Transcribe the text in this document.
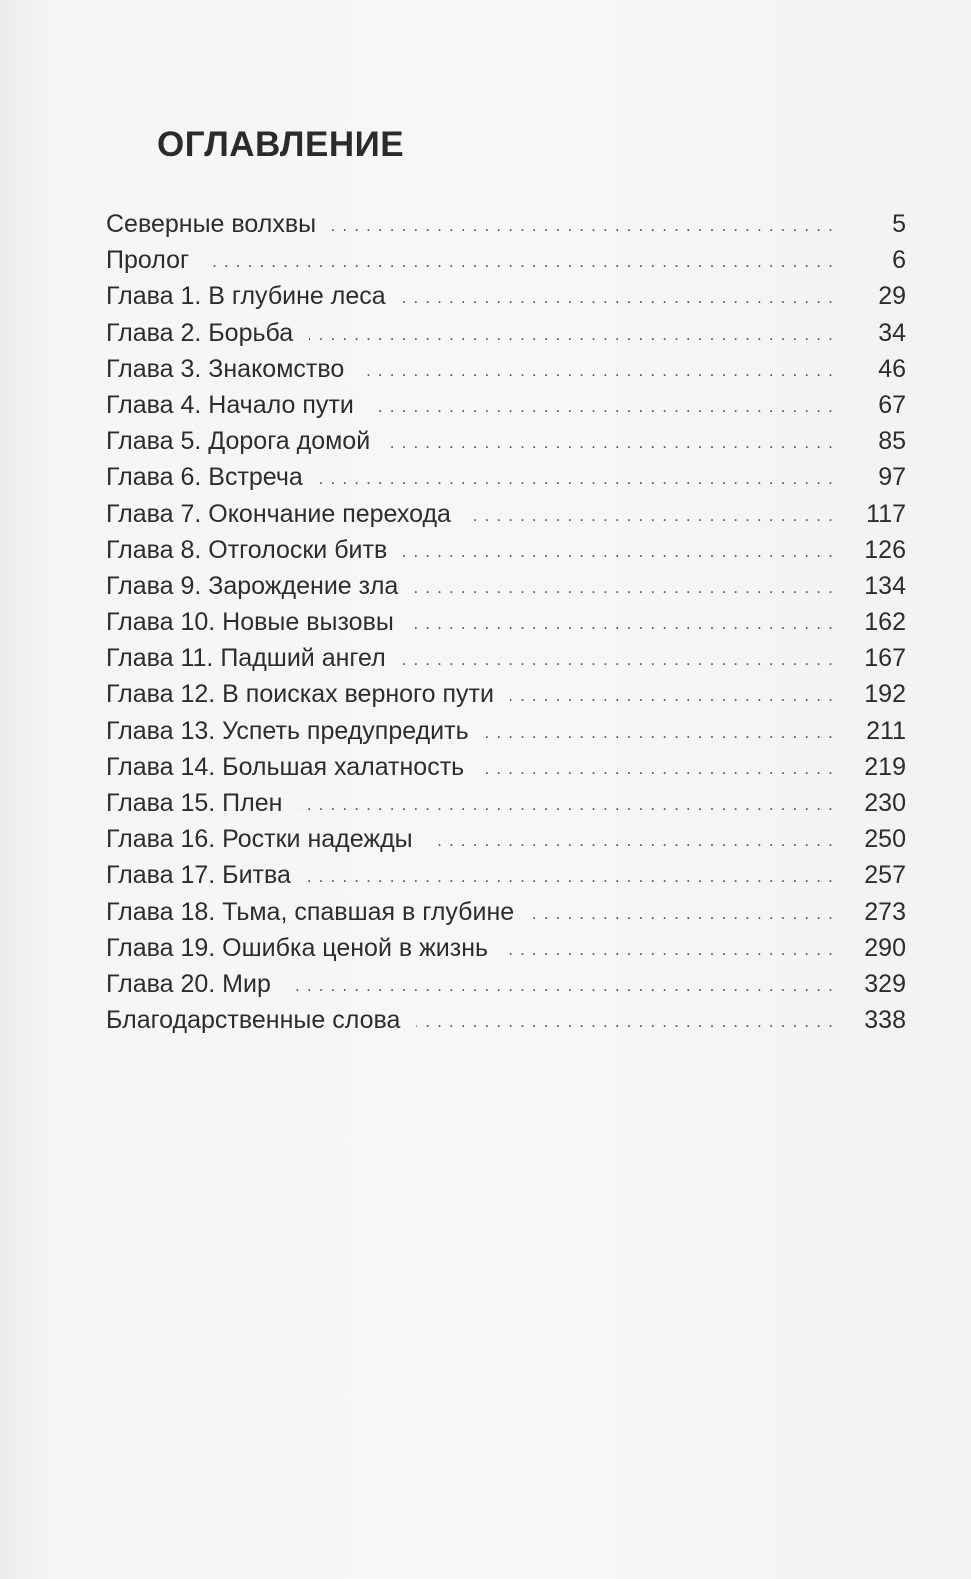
ОГЛАВЛЕНИЕ
. . .
Северные волхвы	5
. . .
Пролог	6
. . .
Глава 1. В глубине леса	29
. . .
Глава 2. Борьба	34
. . .
Глава 3. Знакомство	46
. . .
Глава 4. Начало пути	67
. . .
Глава 5. Дорога домой	85
. . .
Глава 6. Встреча	97
. . .
Глава 7. Окончание перехода	117
. . .
Глава 8. Отголоски битв	126
. . .
Глава 9. Зарождение зла	134
. . .
Глава 10. Новые вызовы	162
. . .
Глава 11. Падший ангел	167
. . .
Глава 12. В поисках верного пути	192
. . .
Глава 13. Успеть предупредить	211
. . .
Глава 14. Большая халатность	219
. . .
Глава 15. Плен	230
. . .
Глава 16. Ростки надежды	250
. . .
Глава 17. Битва	257
. . .
Глава 18. Тьма, спавшая в глубине	273
. . .
Глава 19. Ошибка ценой в жизнь	290
. . .
Глава 20. Мир	329
. . .
Благодарственные слова	338
